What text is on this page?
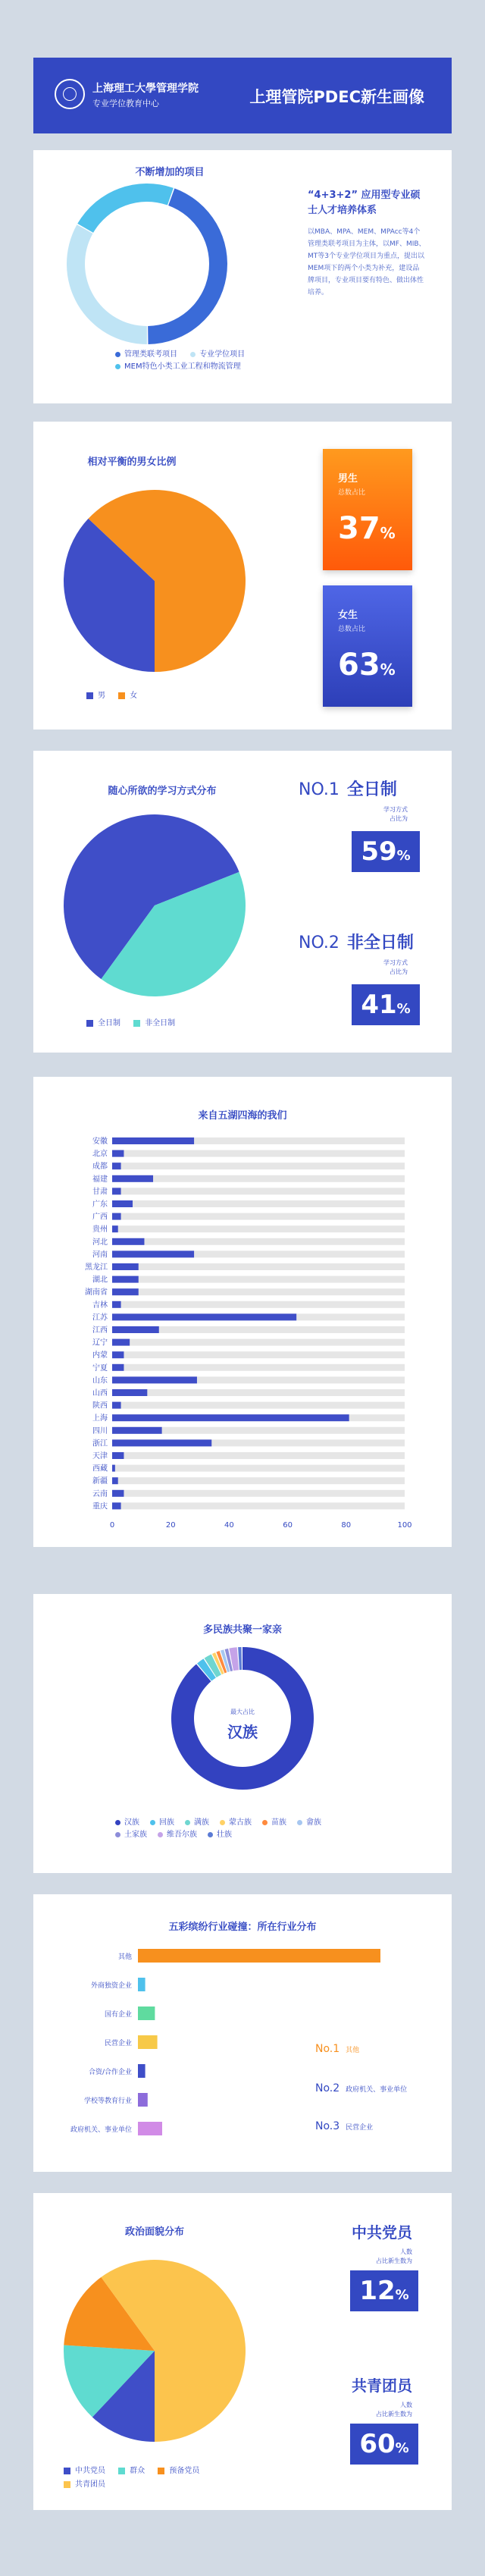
上海理工大學管理学院
专业学位教育中心	上理管院PDEC新生画像
不断增加的项目
管理类联考项目	专业学位项目
MEM特色小类工业工程和物流管理
“4+3+2” 应用型专业硕士人才培养体系
以MBA、MPA、MEM、MPAcc等4个管理类联考项目为主体，以MF、MIB、MT等3个专业学位项目为重点，提出以MEM项下的两个小类为补充，建设品牌项目，专业项目要有特色、做出体性培养。
相对平衡的男女比例
男	女
男生
总数占比
37%
女生
总数占比
63%
随心所欲的学习方式分布
全日制	非全日制
NO.1 全日制
学习方式
占比为
59%
NO.2 非全日制
学习方式
占比为
41%
来自五湖四海的我们
安徽
北京
成都
福建
甘肃
广东
广西
贵州
河北
河南
黑龙江
湖北
湖南省
吉林
江苏
江西
辽宁
内蒙
宁夏
山东
山西
陕西
上海
四川
浙江
天津
西藏
新疆
云南
重庆
0	20	40	60	80	100
多民族共聚一家亲
最大占比
汉族
汉族	回族	满族	蒙古族	苗族	畲族土家族	维吾尔族	壮族
五彩缤纷行业碰撞：所在行业分布
其他
外商独资企业
国有企业
民营企业
合资/合作企业
学校等教育行业
政府机关、事业单位
No.1 其他
No.2 政府机关、事业单位
No.3 民营企业
政治面貌分布
中共党员	群众	预备党员
共青团员
中共党员
人数
占比新生数为
12%
共青团员
人数
占比新生数为
60%
